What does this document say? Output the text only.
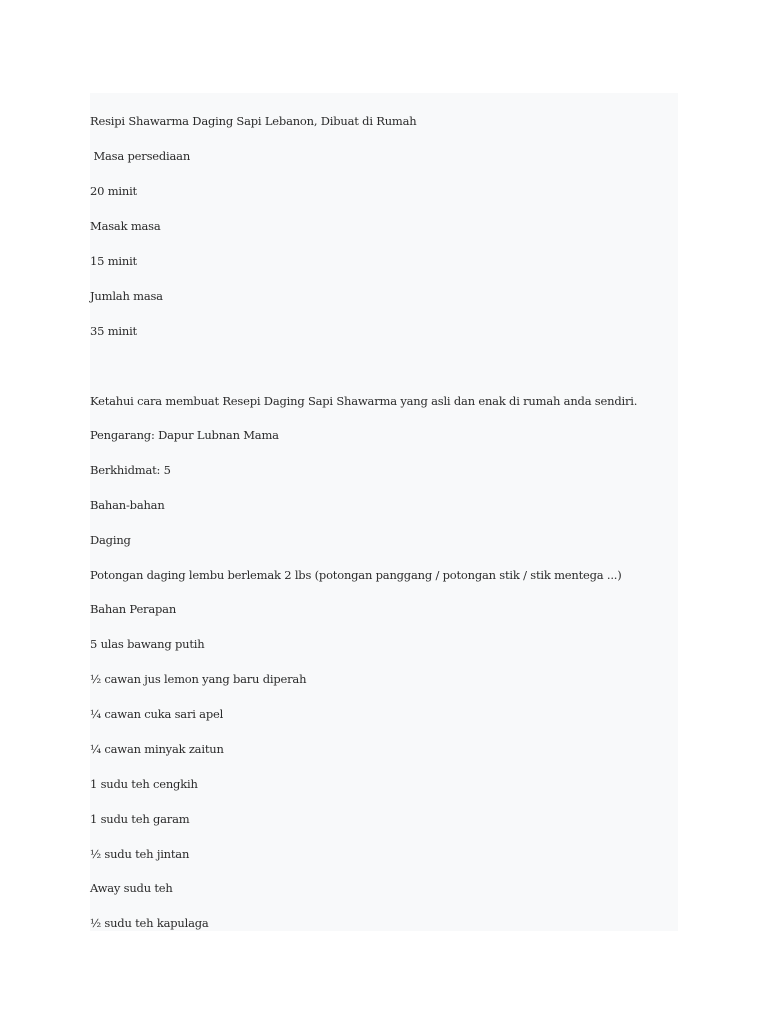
Resipi Shawarma Daging Sapi Lebanon, Dibuat di Rumah

Masa persediaan

20 minit

Masak masa

15 minit

Jumlah masa

35 minit

Ketahui cara membuat Resepi Daging Sapi Shawarma yang asli dan enak di rumah anda sendiri.

Pengarang: Dapur Lubnan Mama

Berkhidmat: 5

Bahan-bahan

Daging

Potongan daging lembu berlemak 2 lbs (potongan panggang / potongan stik / stik mentega ...)

Bahan Perapan

5 ulas bawang putih

½ cawan jus lemon yang baru diperah

¼ cawan cuka sari apel

¼ cawan minyak zaitun

1 sudu teh cengkih

1 sudu teh garam

½ sudu teh jintan

Away sudu teh

½ sudu teh kapulaga
